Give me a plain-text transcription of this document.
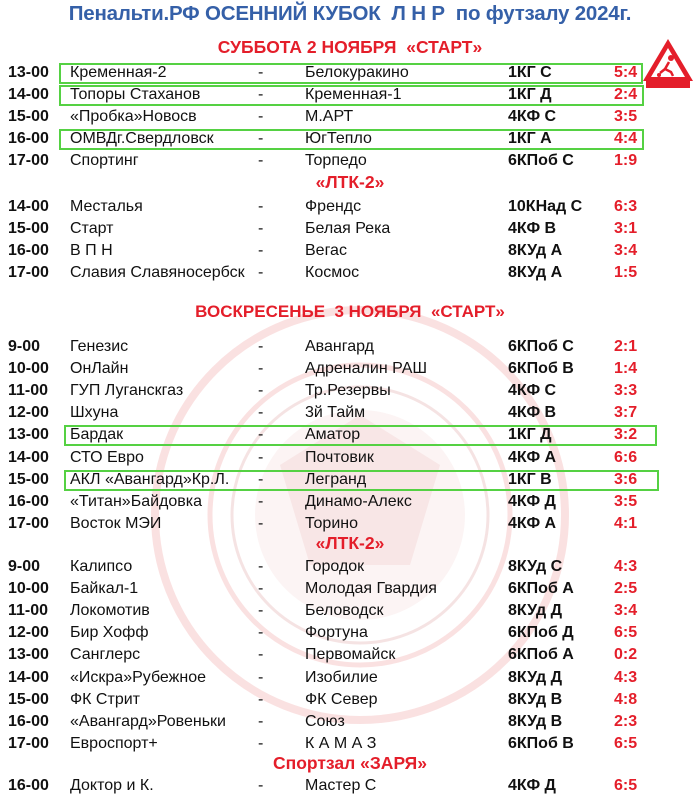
Пенальти.РФ ОСЕННИЙ КУБОК  Л Н Р  по футзалу 2024г.
СУББОТА 2 НОЯБРЯ  «СТАРТ»
13-00 Кременная-2	-	Белокуракино	1КГ С	5:4
14-00 Топоры Стаханов	-	Кременная-1	1КГ Д	2:4
15-00 «Пробка»Новосв	-	М.АРТ	4КФ С	3:5
16-00 ОМВДг.Свердловск	-	ЮгТепло	1КГ А	4:4
17-00 Спортинг	-	Торпедо	6КПоб С	1:9
«ЛТК-2»
14-00 Месталья	-	Френдс	10КНад С 6:3
15-00 Старт	-	Белая Река	4КФ В	3:1
16-00 В П Н	-	Вегас	8КУд А	3:4
17-00 Славия Славяносербск -	Космос	8КУд А	1:5
ВОСКРЕСЕНЬЕ  3 НОЯБРЯ  «СТАРТ»
9-00 Генезис	-	Авангард	6КПоб С	2:1
10-00 ОнЛайн	-	Адреналин РАШ	6КПоб В	1:4
11-00 ГУП Луганскгаз	-	Тр.Резервы	4КФ С	3:3
12-00 Шхуна	-	3й Тайм	4КФ В	3:7
13-00 Бардак	-	Аматор	1КГ Д	3:2
14-00 СТО Евро	-	Почтовик	4КФ А	6:6
15-00 АКЛ «Авангард»Кр.Л. -	Легранд	1КГ В	3:6
16-00 «Титан»Байдовка	-	Динамо-Алекс	4КФ Д	3:5
17-00 Восток МЭИ	-	Торино	4КФ А	4:1
«ЛТК-2»
9-00 Калипсо	-	Городок	8КУд С	4:3
10-00 Байкал-1	-	Молодая Гвардия	6КПоб А	2:5
11-00 Локомотив	-	Беловодск	8КУд Д	3:4
12-00 Бир Хофф	-	Фортуна	6КПоб Д	6:5
13-00 Санглерс	-	Первомайск	6КПоб А	0:2
14-00 «Искра»Рубежное	-	Изобилие	8КУд Д	4:3
15-00 ФК Стрит	-	ФК Север	8КУд В	4:8
16-00 «Авангард»Ровеньки -	Союз	8КУд В	2:3
17-00 Евроспорт+	-	К А М А З	6КПоб В	6:5
Спортзал «ЗАРЯ»
16-00 Доктор и К.	-	Мастер С	4КФ Д	6:5
